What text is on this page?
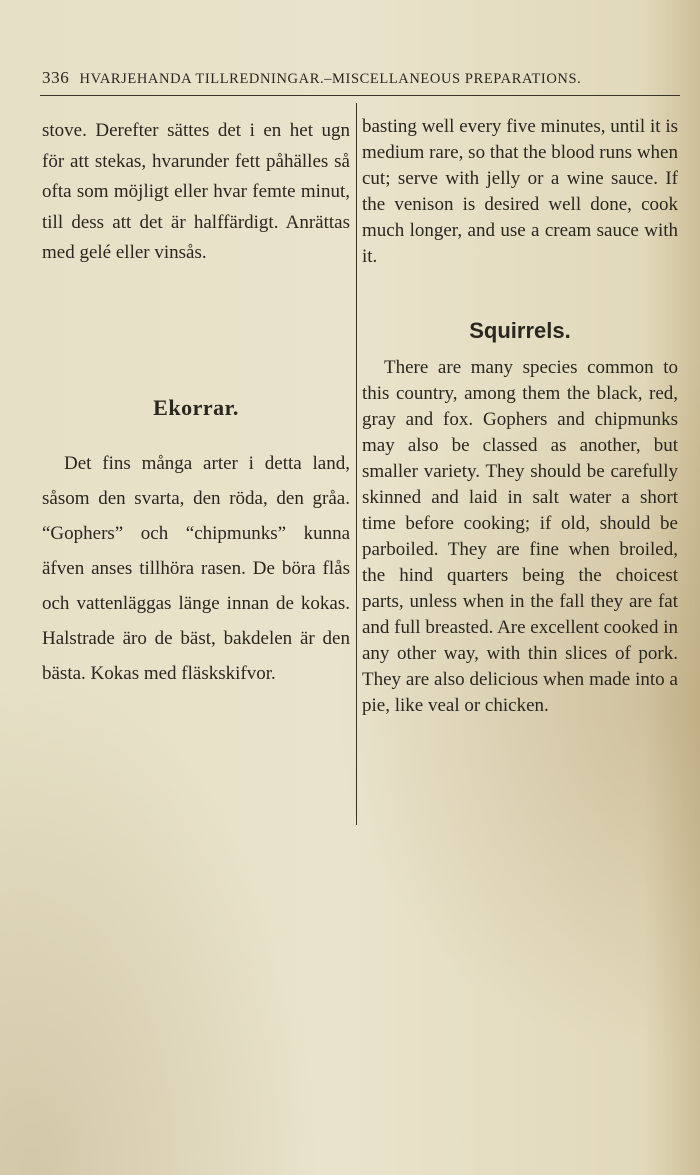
336 HVARJEHANDA TILLREDNINGAR.–MISCELLANEOUS PREPARATIONS.

stove. Derefter sättes det i en het ugn för att stekas, hvarunder fett påhälles så ofta som möjligt eller hvar femte minut, till dess att det är halffärdigt. Anrättas med gelé eller vinsås.

Ekorrar.

Det fins många arter i detta land, såsom den svarta, den röda, den gråa. “Gophers” och “chipmunks” kunna äfven anses tillhöra rasen. De böra flås och vattenläggas länge innan de kokas. Halstrade äro de bäst, bakdelen är den bästa. Kokas med fläskskifvor.

basting well every five minutes, until it is medium rare, so that the blood runs when cut; serve with jelly or a wine sauce. If the venison is desired well done, cook much longer, and use a cream sauce with it.

Squirrels.

There are many species common to this country, among them the black, red, gray and fox. Gophers and chipmunks may also be classed as another, but smaller variety. They should be carefully skinned and laid in salt water a short time before cooking; if old, should be parboiled. They are fine when broiled, the hind quarters being the choicest parts, unless when in the fall they are fat and full breasted. Are excellent cooked in any other way, with thin slices of pork. They are also delicious when made into a pie, like veal or chicken.
